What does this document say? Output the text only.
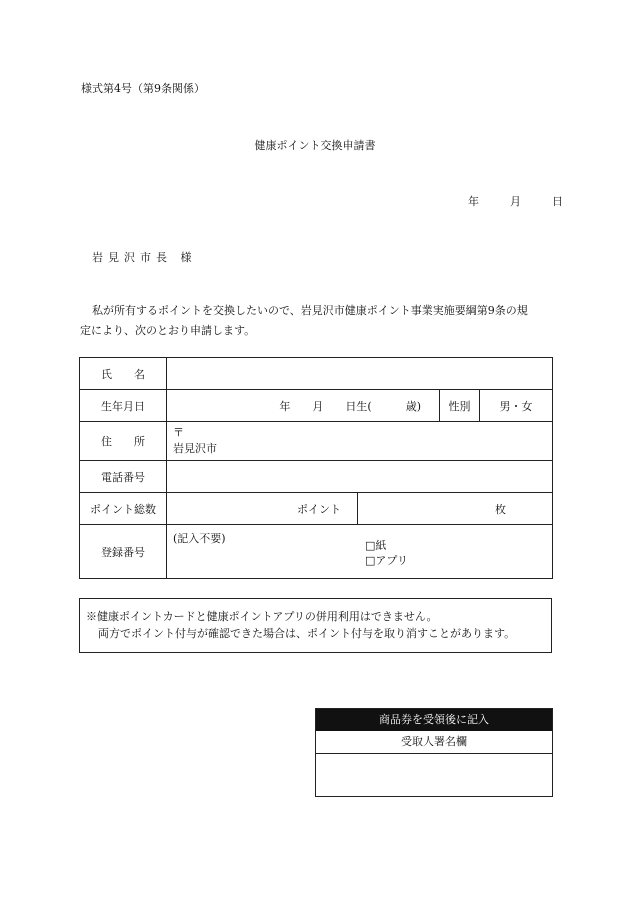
様式第4号（第9条関係）
健康ポイント交換申請書
年	月	日
岩見沢市長 様
私が所有するポイントを交換したいので、岩見沢市健康ポイント事業実施要綱第9条の規
定により、次のとおり申請します。
氏　　名				
生年月日	年 月 日生( 歳)		性別	男・女
住　　所	〒
岩見沢市			

電話番号				
ポイント総数	ポイント	枚		
登録番号	(記入不要)
□紙
□アプリ			
※健康ポイントカードと健康ポイントアプリの併用利用はできません。
両方でポイント付与が確認できた場合は、ポイント付与を取り消すことがあります。
商品券を受領後に記入
受取人署名欄
